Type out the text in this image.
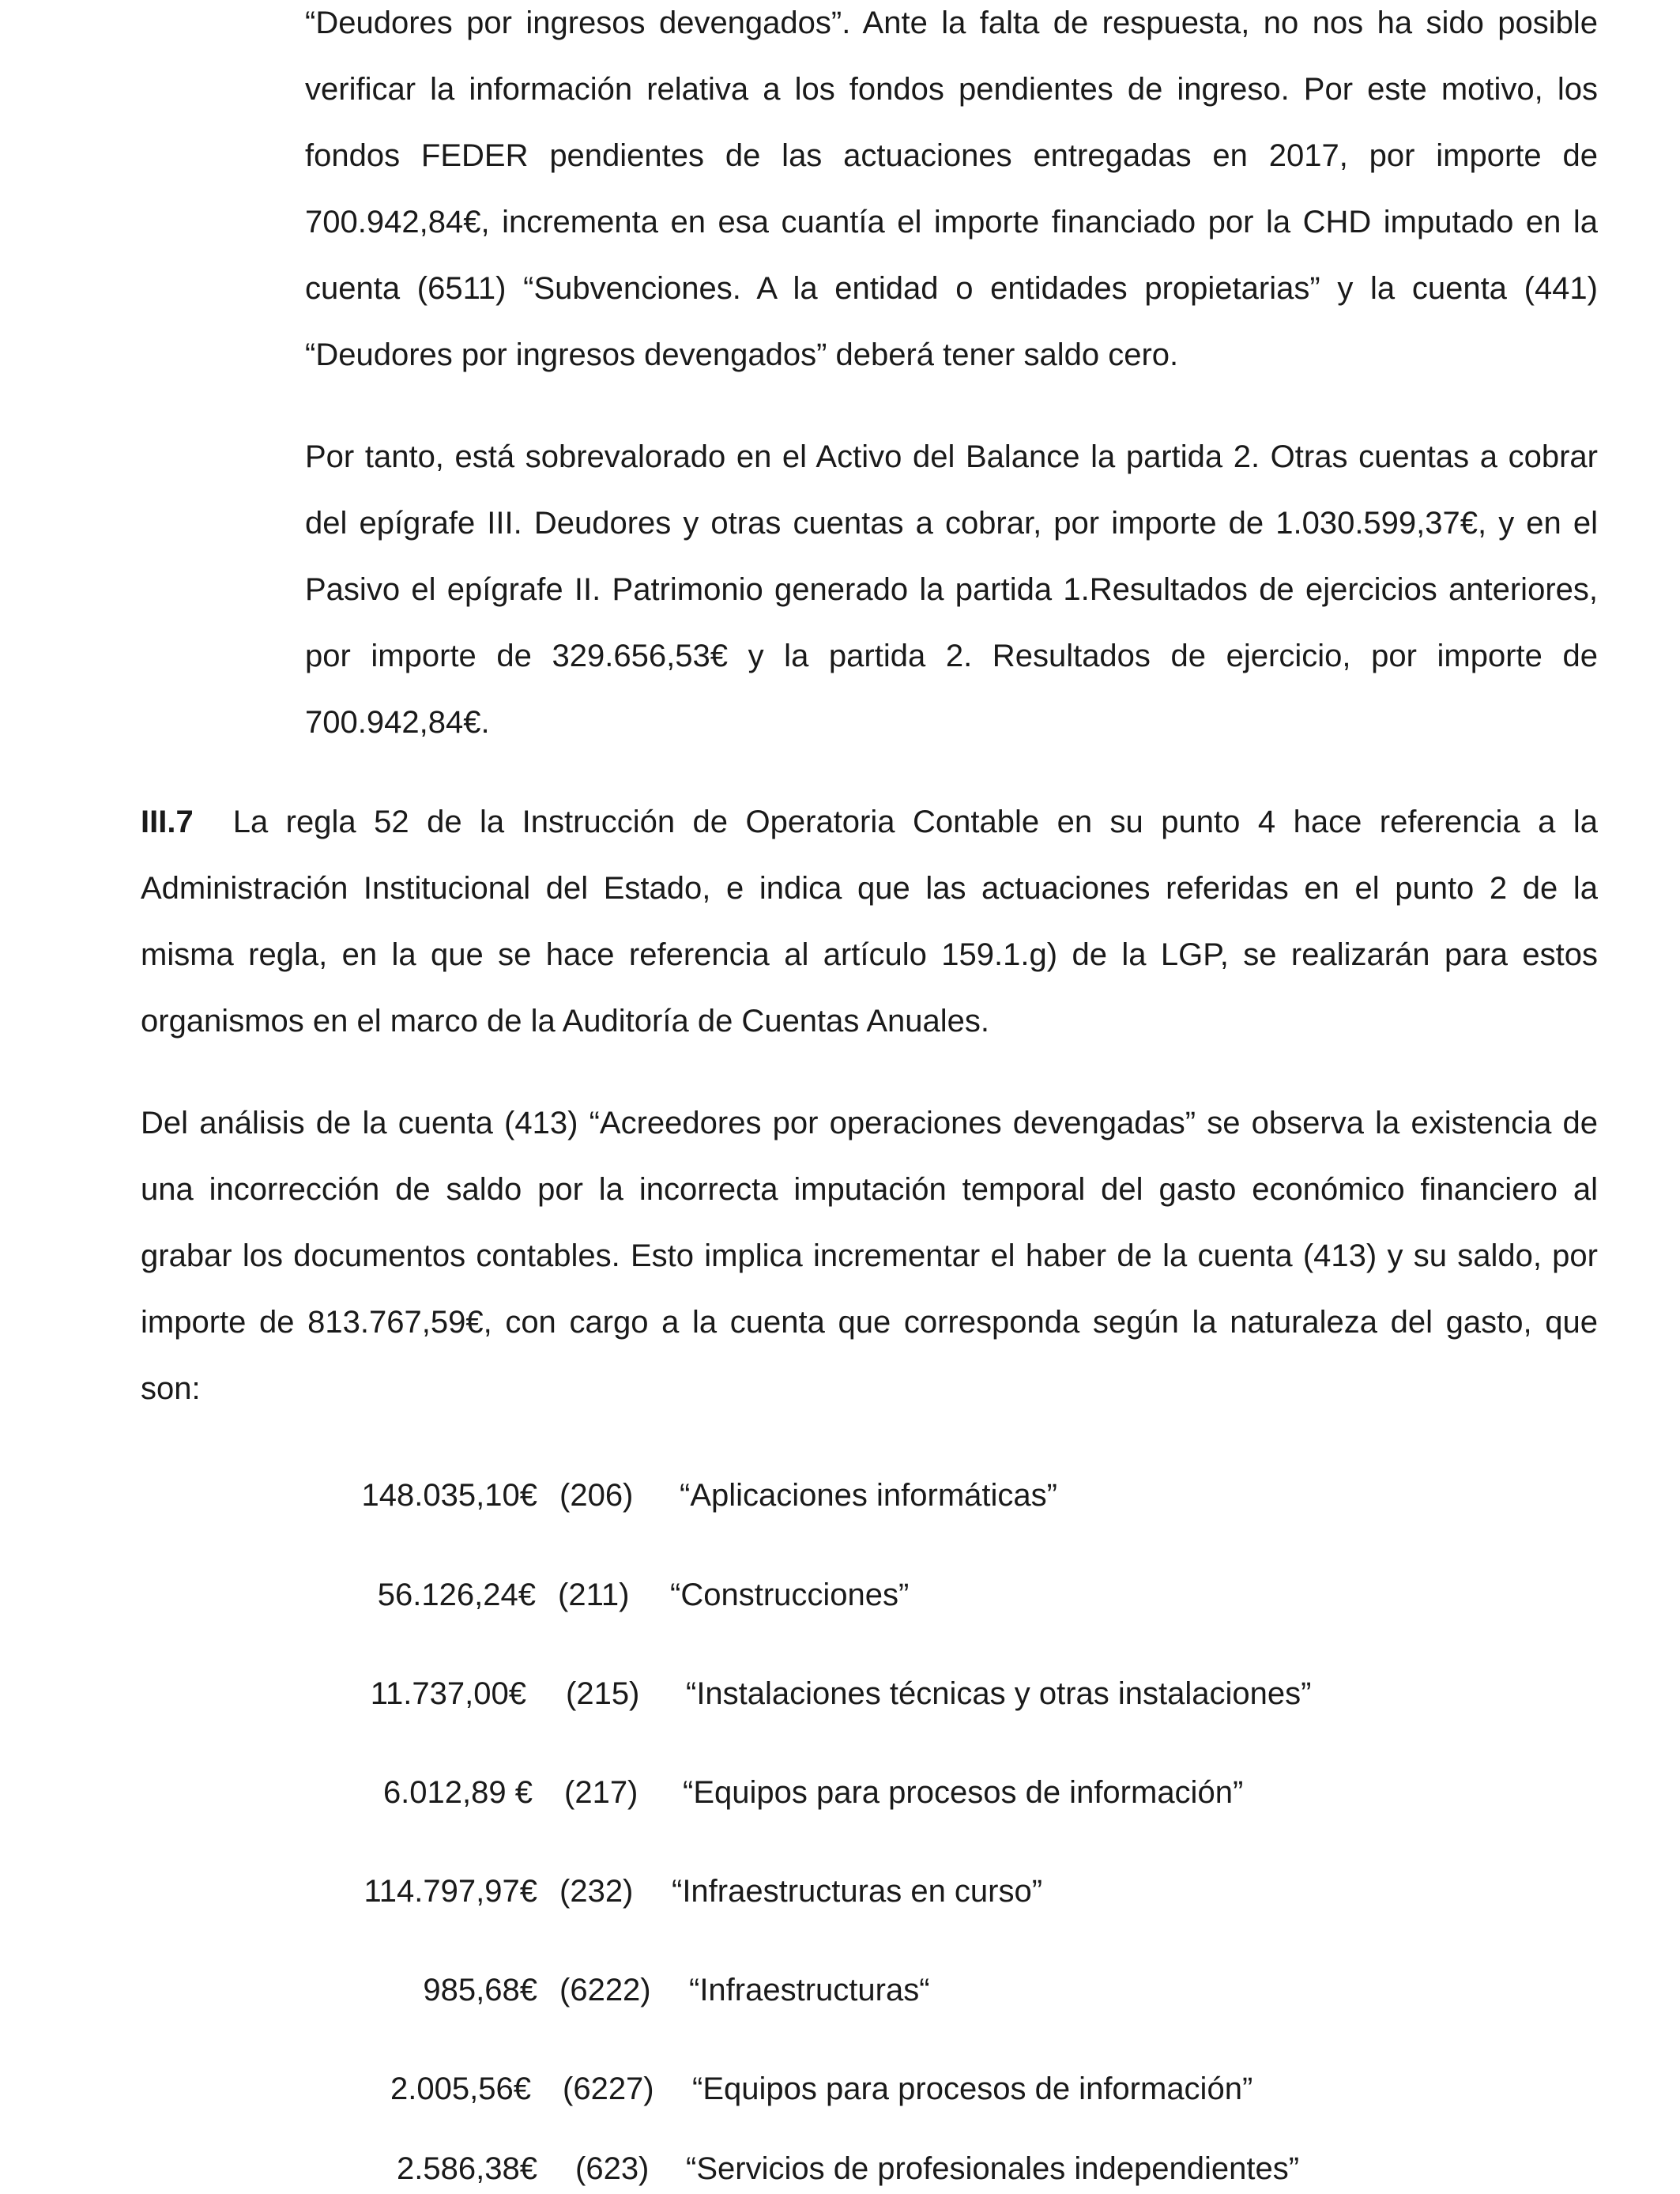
“Deudores por ingresos devengados”. Ante la falta de respuesta, no nos ha sido posible verificar la información relativa a los fondos pendientes de ingreso. Por este motivo, los fondos FEDER pendientes de las actuaciones entregadas en 2017, por importe de 700.942,84€, incrementa en esa cuantía el importe financiado por la CHD imputado en la cuenta (6511) “Subvenciones. A la entidad o entidades propietarias” y la cuenta (441) “Deudores por ingresos devengados” deberá tener saldo cero.

Por tanto, está sobrevalorado en el Activo del Balance la partida 2. Otras cuentas a cobrar del epígrafe III. Deudores y otras cuentas a cobrar, por importe de 1.030.599,37€, y en el Pasivo el epígrafe II. Patrimonio generado la partida 1.Resultados de ejercicios anteriores, por importe de 329.656,53€ y la partida 2. Resultados de ejercicio, por importe de 700.942,84€.

III.7 La regla 52 de la Instrucción de Operatoria Contable en su punto 4 hace referencia a la Administración Institucional del Estado, e indica que las actuaciones referidas en el punto 2 de la misma regla, en la que se hace referencia al artículo 159.1.g) de la LGP, se realizarán para estos organismos en el marco de la Auditoría de Cuentas Anuales.

Del análisis de la cuenta (413) “Acreedores por operaciones devengadas” se observa la existencia de una incorrección de saldo por la incorrecta imputación temporal del gasto económico financiero al grabar los documentos contables. Esto implica incrementar el haber de la cuenta (413) y su saldo, por importe de 813.767,59€, con cargo a la cuenta que corresponda según la naturaleza del gasto, que son:

148.035,10€ (206) “Aplicaciones informáticas”
56.126,24€ (211) “Construcciones”
11.737,00€ (215) “Instalaciones técnicas y otras instalaciones”
6.012,89 € (217) “Equipos para procesos de información”
114.797,97€ (232) “Infraestructuras en curso”
985,68€ (6222) “Infraestructuras“
2.005,56€ (6227) “Equipos para procesos de información”
2.586,38€ (623) “Servicios de profesionales independientes”
